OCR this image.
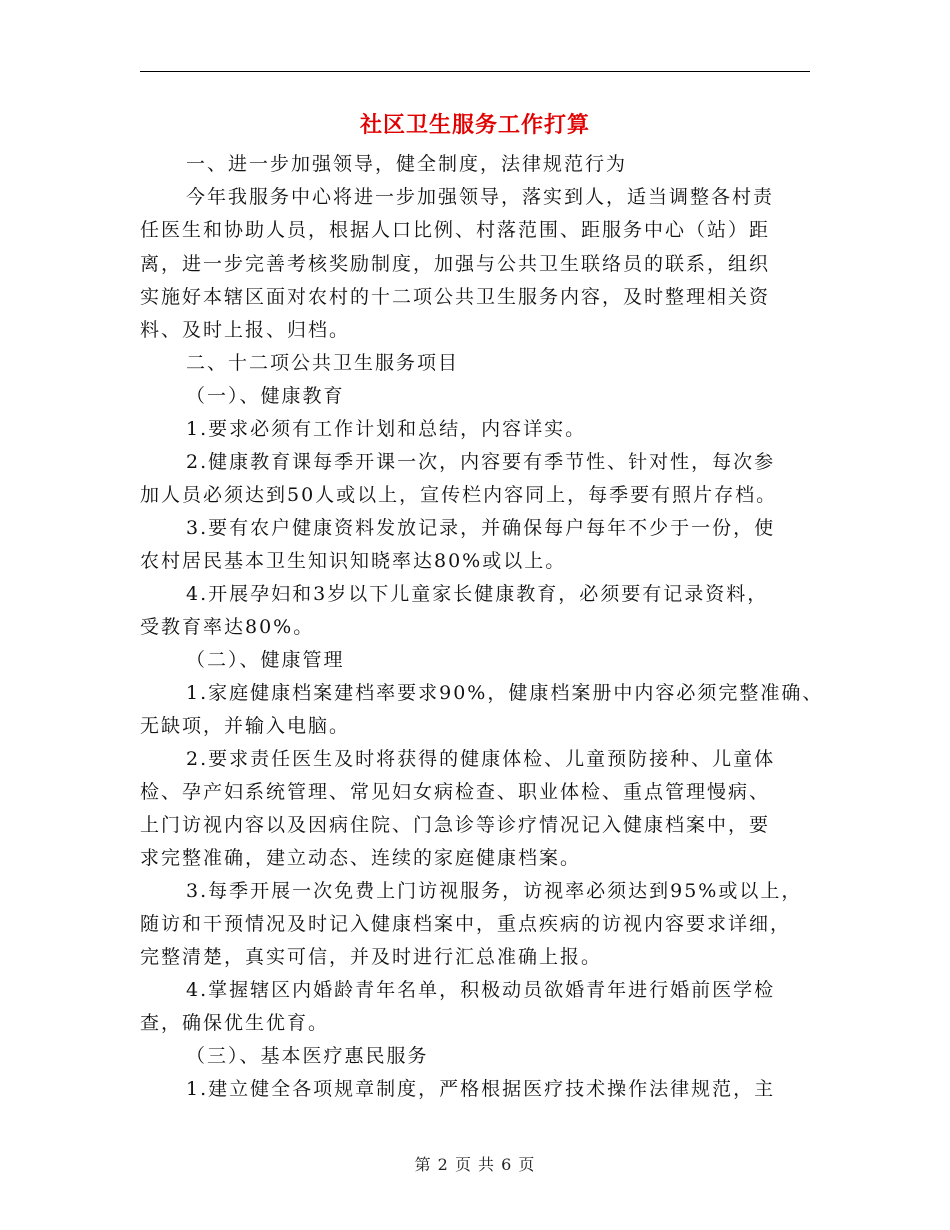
社区卫生服务工作打算
一、进一步加强领导，健全制度，法律规范行为
今年我服务中心将进一步加强领导，落实到人，适当调整各村责
任医生和协助人员，根据人口比例、村落范围、距服务中心（站）距
离，进一步完善考核奖励制度，加强与公共卫生联络员的联系，组织
实施好本辖区面对农村的十二项公共卫生服务内容，及时整理相关资
料、及时上报、归档。
二、十二项公共卫生服务项目
（一）、健康教育
1.要求必须有工作计划和总结，内容详实。
2.健康教育课每季开课一次，内容要有季节性、针对性，每次参
加人员必须达到50人或以上，宣传栏内容同上，每季要有照片存档。
3.要有农户健康资料发放记录，并确保每户每年不少于一份，使
农村居民基本卫生知识知晓率达80%或以上。
4.开展孕妇和3岁以下儿童家长健康教育，必须要有记录资料，
受教育率达80%。
（二）、健康管理
1.家庭健康档案建档率要求90%，健康档案册中内容必须完整准确、
无缺项，并输入电脑。
2.要求责任医生及时将获得的健康体检、儿童预防接种、儿童体
检、孕产妇系统管理、常见妇女病检查、职业体检、重点管理慢病、
上门访视内容以及因病住院、门急诊等诊疗情况记入健康档案中，要
求完整准确，建立动态、连续的家庭健康档案。
3.每季开展一次免费上门访视服务，访视率必须达到95%或以上，
随访和干预情况及时记入健康档案中，重点疾病的访视内容要求详细，
完整清楚，真实可信，并及时进行汇总准确上报。
4.掌握辖区内婚龄青年名单，积极动员欲婚青年进行婚前医学检
查，确保优生优育。
（三）、基本医疗惠民服务
1.建立健全各项规章制度，严格根据医疗技术操作法律规范，主
第 2 页 共 6 页
